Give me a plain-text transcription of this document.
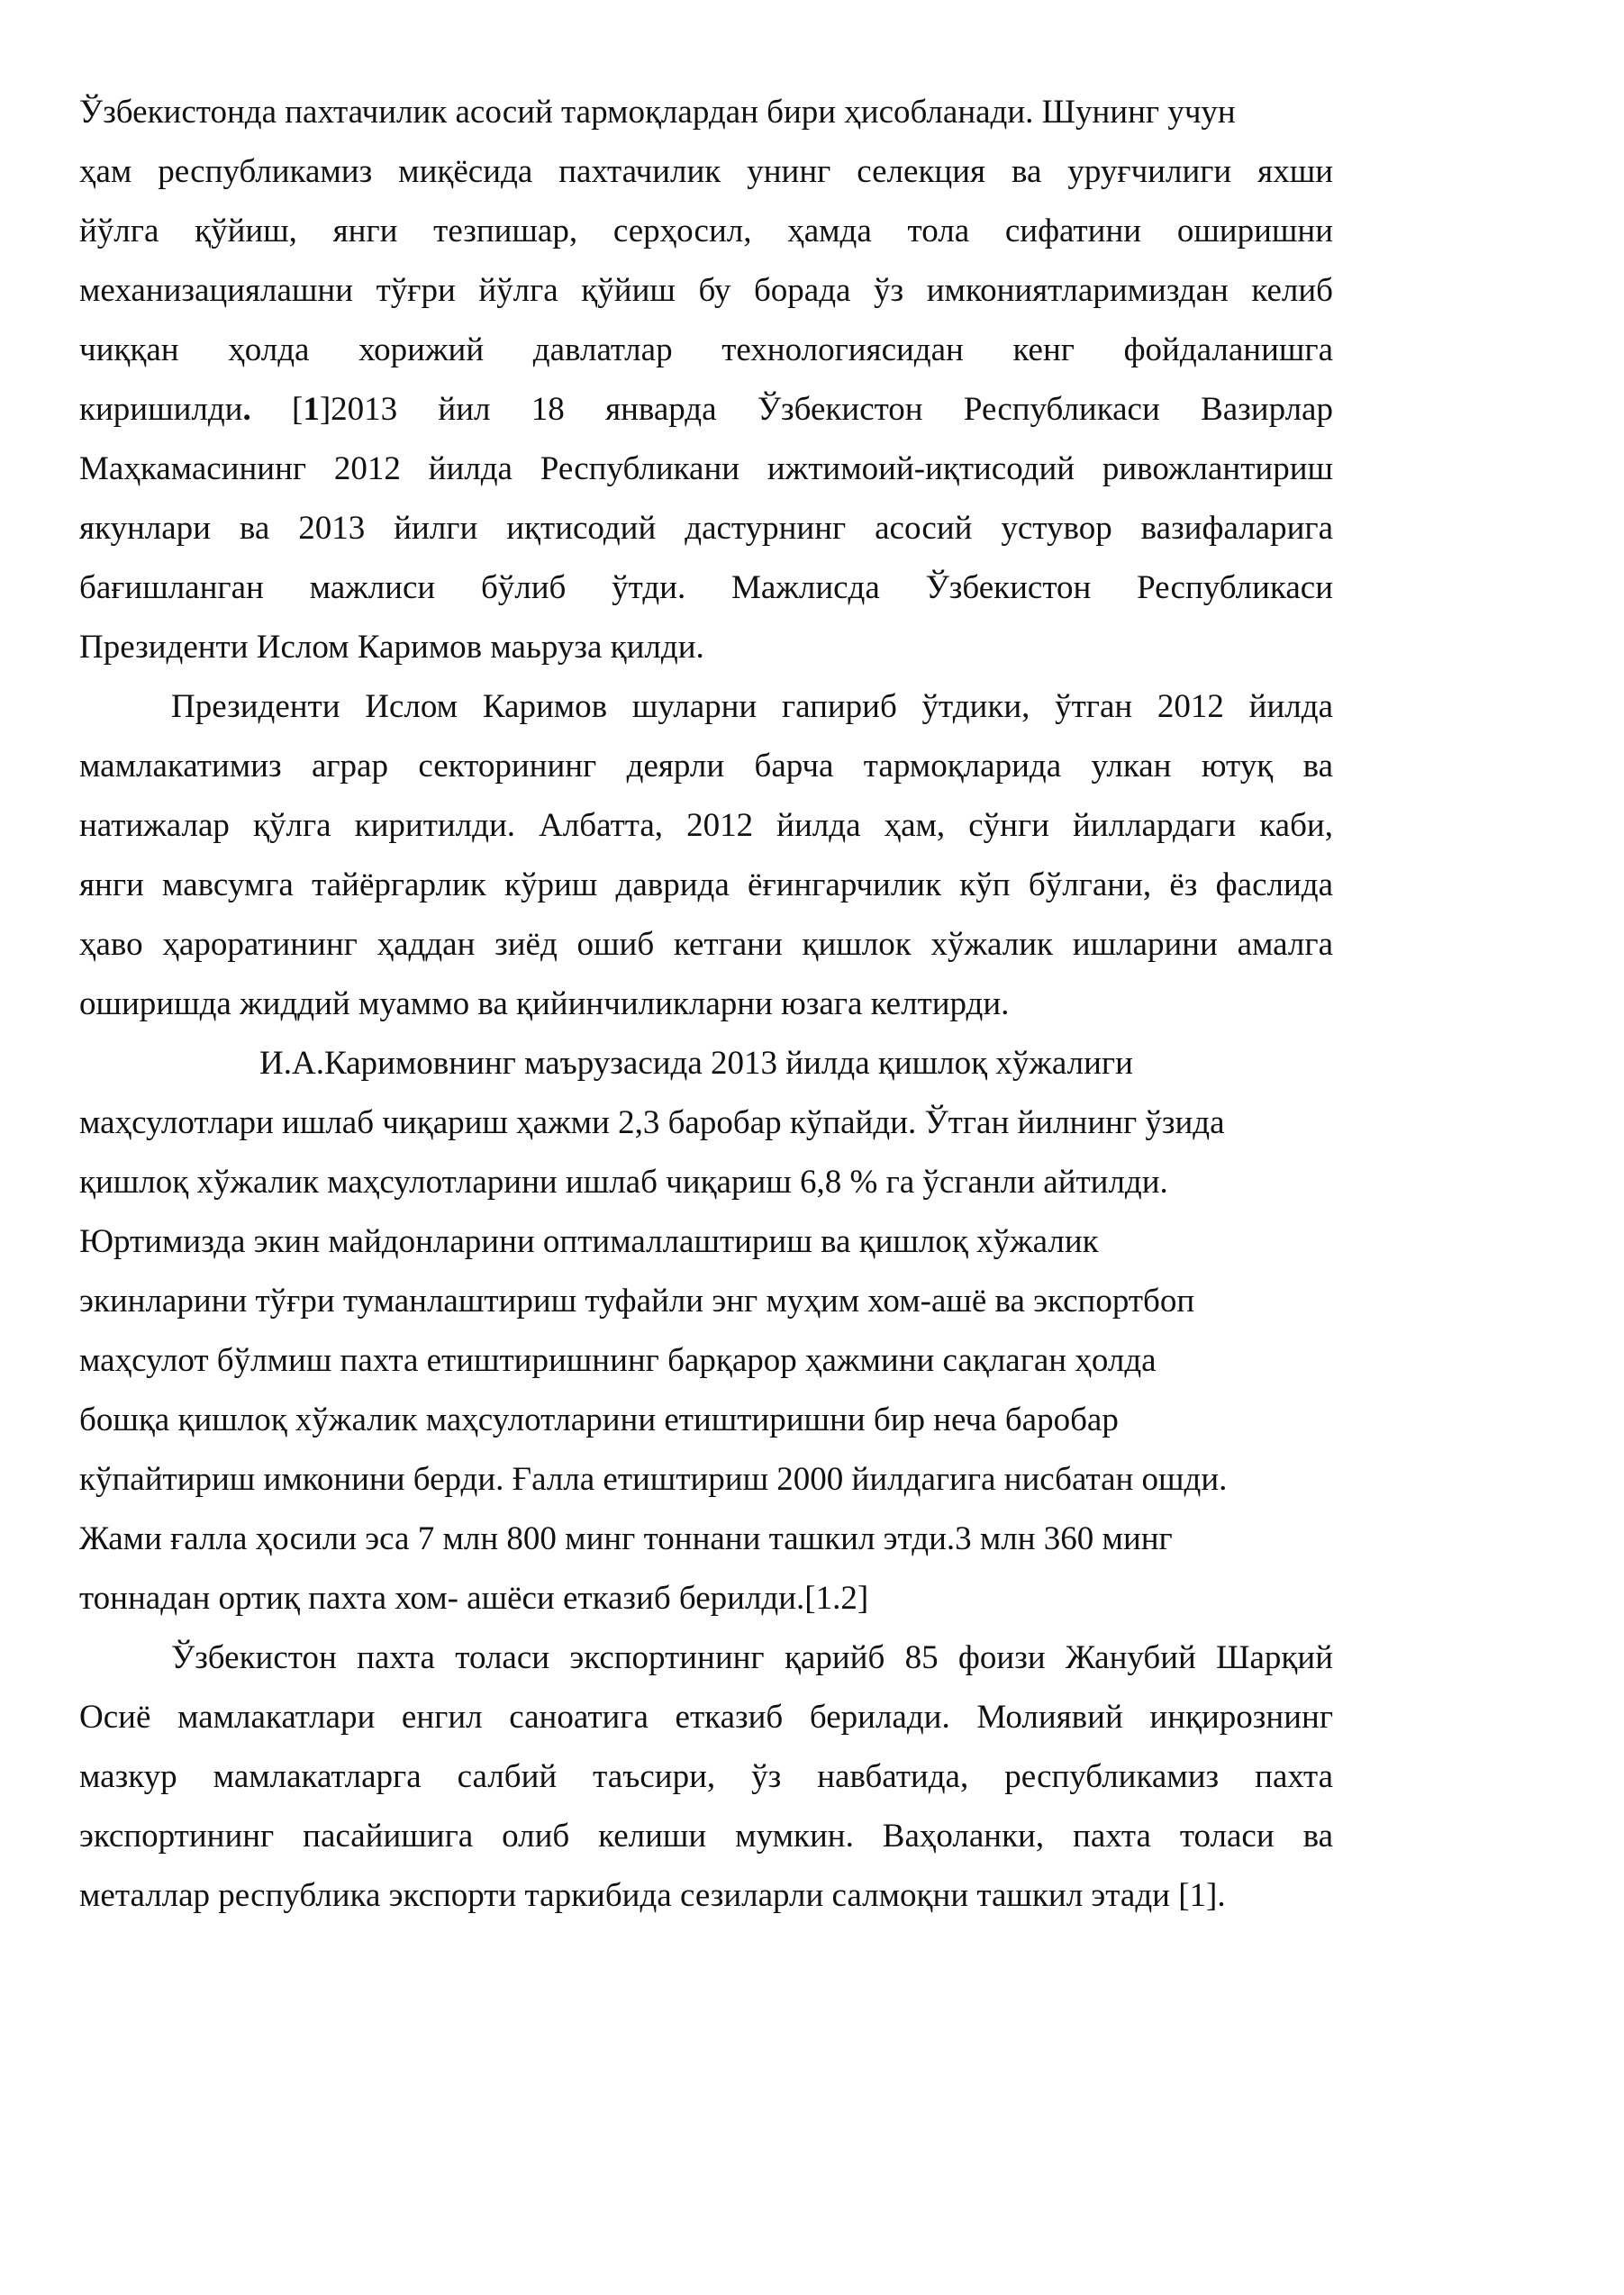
Ўзбекистонда пахтачилик асосий тармоқлардан бири ҳисобланади. Шунинг учун
ҳам республикамиз миқёсида пахтачилик унинг селекция ва уруғчилиги яхши
йўлга қўйиш, янги тезпишар, серҳосил, ҳамда тола сифатини оширишни
механизациялашни тўғри йўлга қўйиш бу борада ўз имкониятларимиздан келиб
чиққан ҳолда хорижий давлатлар технологиясидан кенг фойдаланишга
киришилди. [1]2013 йил 18 январда Ўзбекистон Республикаси Вазирлар
Маҳкамасининг 2012 йилда Республикани ижтимоий-иқтисодий ривожлантириш
якунлари ва 2013 йилги иқтисодий дастурнинг асосий устувор вазифаларига
бағишланган мажлиси бўлиб ўтди. Мажлисда Ўзбекистон Республикаси
Президенти Ислом Каримов маьруза қилди.
Президенти Ислом Каримов шуларни гапириб ўтдики, ўтган 2012 йилда
мамлакатимиз аграр секторининг деярли барча тармоқларида улкан ютуқ ва
натижалар қўлга киритилди. Албатта, 2012 йилда ҳам, сўнги йиллардаги каби,
янги мавсумга тайёргарлик кўриш даврида ёғингарчилик кўп бўлгани, ёз фаслида
ҳаво ҳароратининг ҳаддан зиёд ошиб кетгани қишлок хўжалик ишларини амалга
оширишда жиддий муаммо ва қийинчиликларни юзага келтирди.
И.А.Каримовнинг маърузасида 2013 йилда қишлоқ хўжалиги
маҳсулотлари ишлаб чиқариш ҳажми 2,3 баробар кўпайди. Ўтган йилнинг ўзида
қишлоқ хўжалик маҳсулотларини ишлаб чиқариш 6,8 % га ўсганли айтилди.
Юртимизда экин майдонларини оптималлаштириш ва қишлоқ хўжалик
экинларини тўғри туманлаштириш туфайли энг муҳим хом-ашё ва экспортбоп
маҳсулот бўлмиш пахта етиштиришнинг барқарор ҳажмини сақлаган ҳолда
бошқа қишлоқ хўжалик маҳсулотларини етиштиришни бир неча баробар
кўпайтириш имконини берди. Ғалла етиштириш 2000 йилдагига нисбатан ошди.
Жами ғалла ҳосили эса 7 млн 800 минг тоннани ташкил этди.3 млн 360 минг
тоннадан ортиқ пахта хом- ашёси етказиб берилди.[1.2]
Ўзбекистон пахта толаси экспортининг қарийб 85 фоизи Жанубий Шарқий
Осиё мамлакатлари енгил саноатига етказиб берилади. Молиявий инқирознинг
мазкур мамлакатларга салбий таъсири, ўз навбатида, республикамиз пахта
экспортининг пасайишига олиб келиши мумкин. Ваҳоланки, пахта толаси ва
металлар республика экспорти таркибида сезиларли салмоқни ташкил этади [1].
